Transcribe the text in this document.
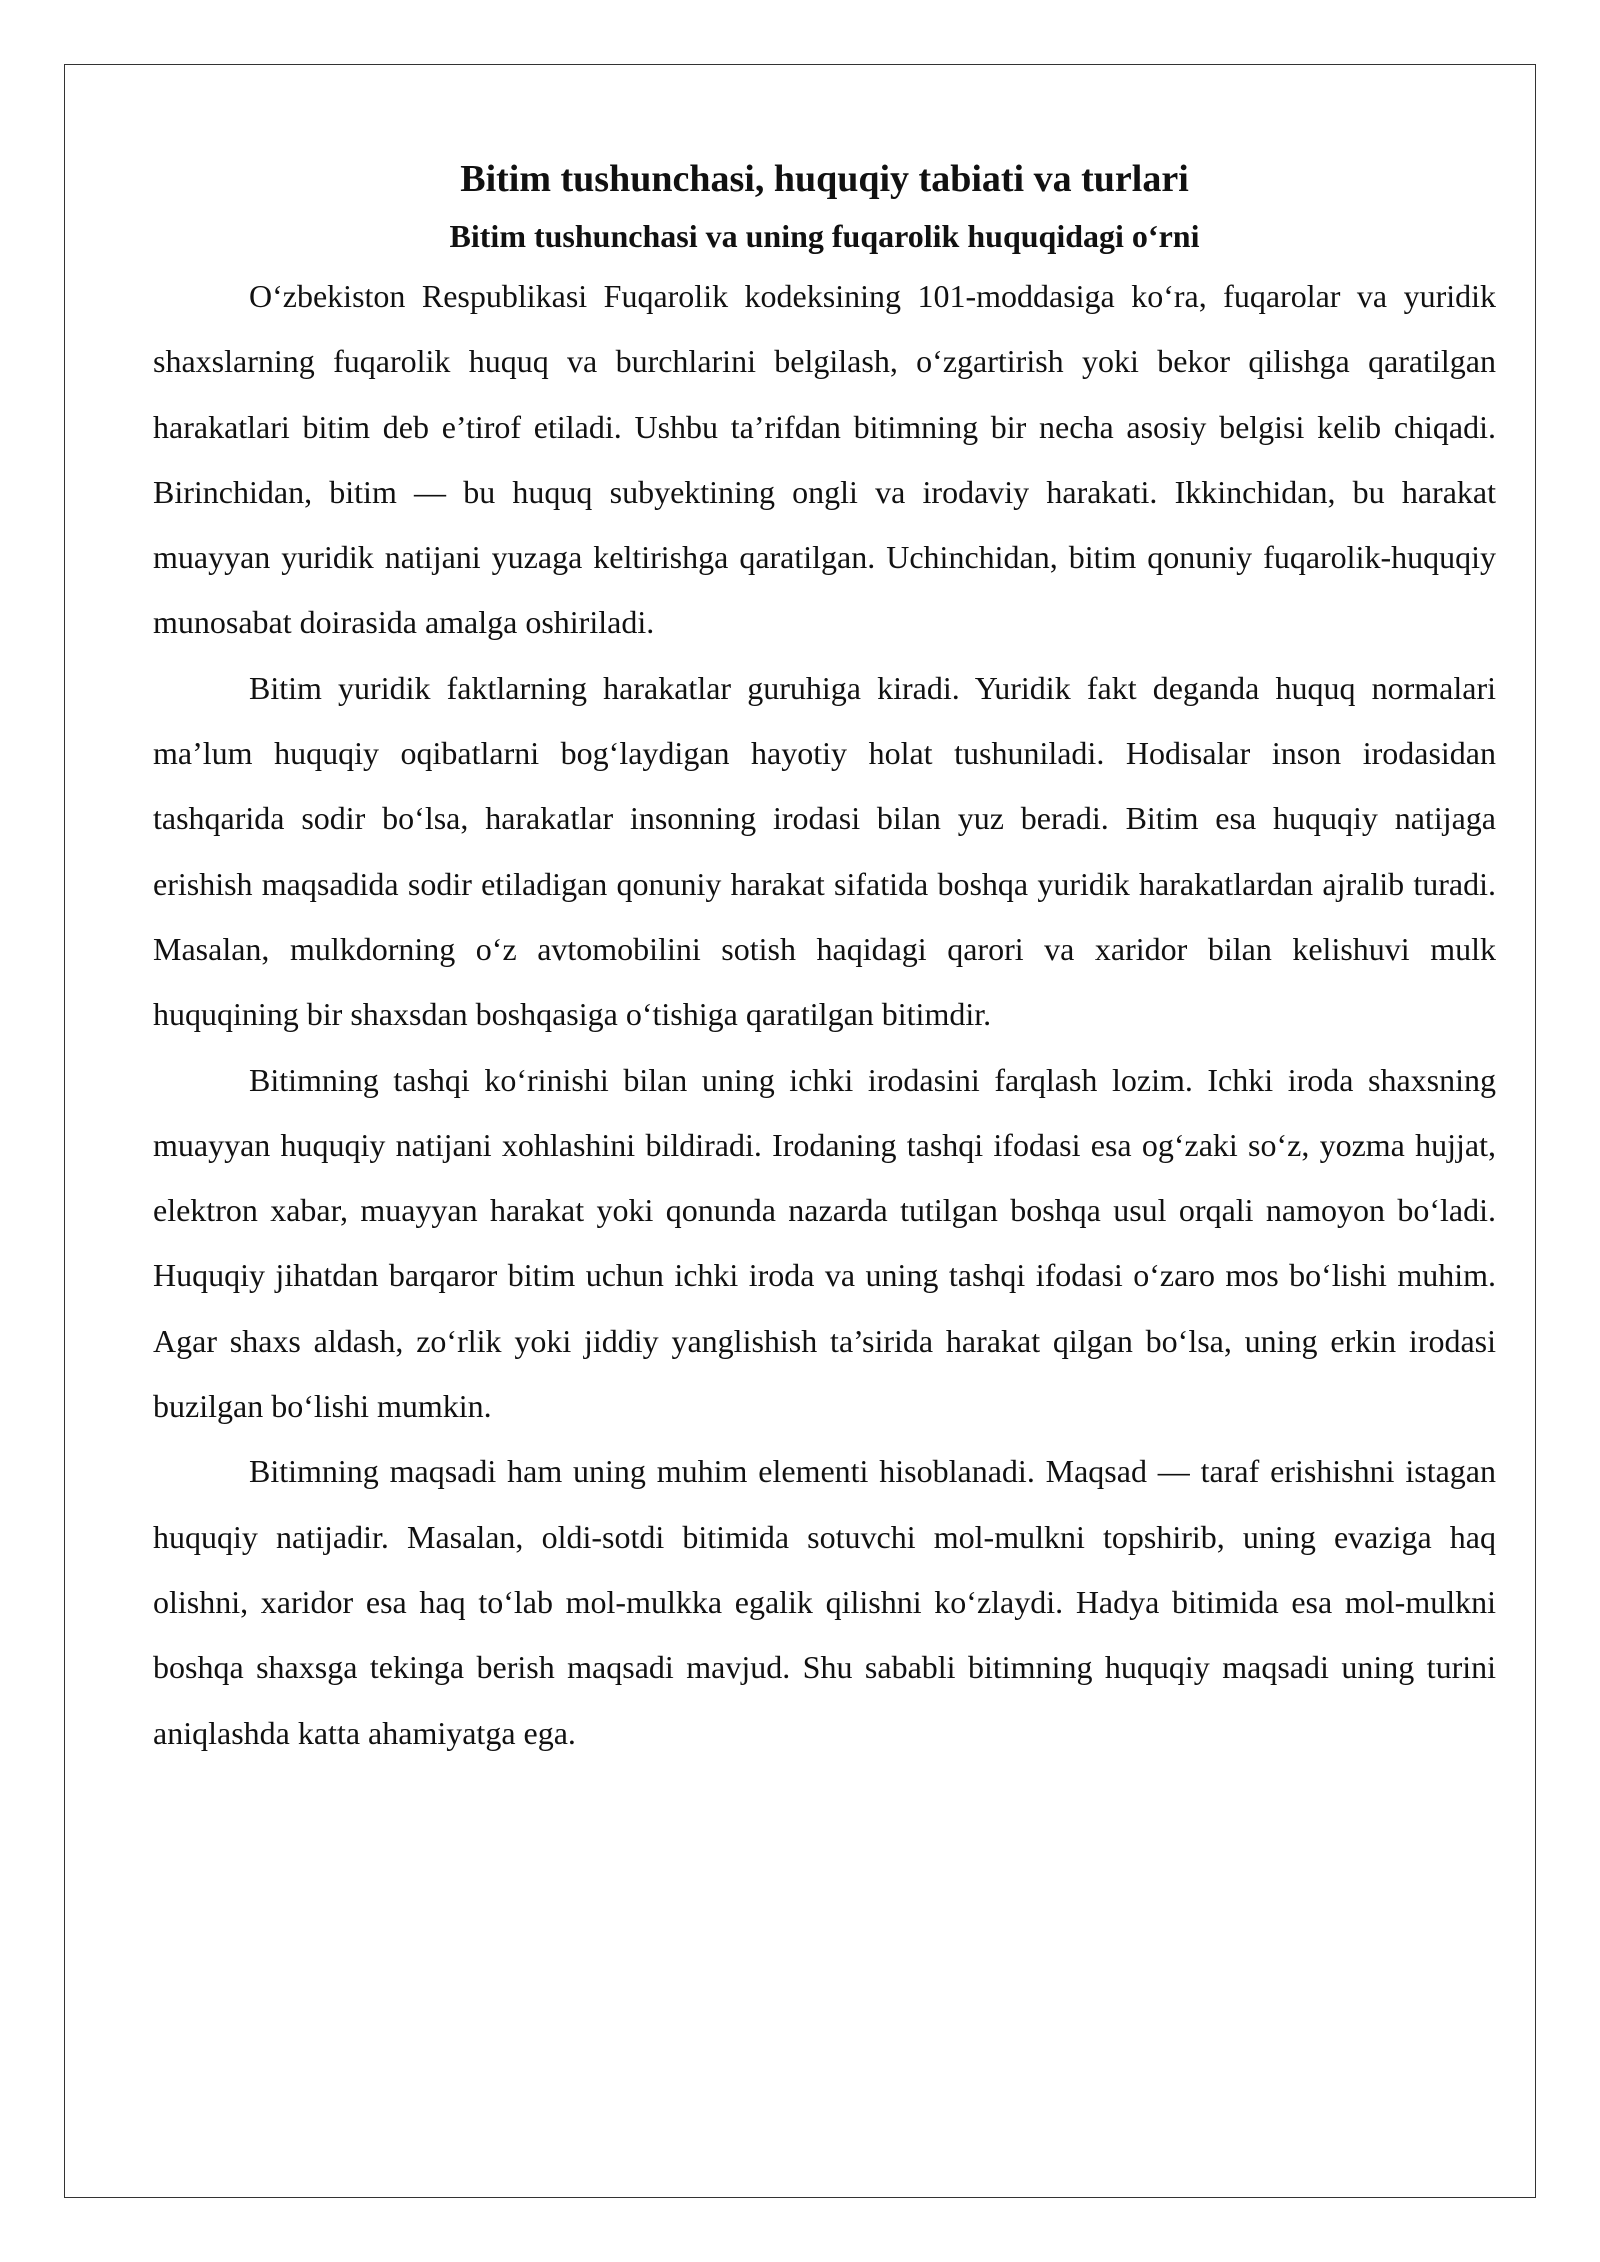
Bitim tushunchasi, huquqiy tabiati va turlari
Bitim tushunchasi va uning fuqarolik huquqidagi o‘rni

O‘zbekiston Respublikasi Fuqarolik kodeksining 101-moddasiga ko‘ra, fuqarolar va yuridik shaxslarning fuqarolik huquq va burchlarini belgilash, o‘zgartirish yoki bekor qilishga qaratilgan harakatlari bitim deb e’tirof etiladi. Ushbu ta’rifdan bitimning bir necha asosiy belgisi kelib chiqadi. Birinchidan, bitim — bu huquq subyektining ongli va irodaviy harakati. Ikkinchidan, bu harakat muayyan yuridik natijani yuzaga keltirishga qaratilgan. Uchinchidan, bitim qonuniy fuqarolik-huquqiy munosabat doirasida amalga oshiriladi.

Bitim yuridik faktlarning harakatlar guruhiga kiradi. Yuridik fakt deganda huquq normalari ma’lum huquqiy oqibatlarni bog‘laydigan hayotiy holat tushuniladi. Hodisalar inson irodasidan tashqarida sodir bo‘lsa, harakatlar insonning irodasi bilan yuz beradi. Bitim esa huquqiy natijaga erishish maqsadida sodir etiladigan qonuniy harakat sifatida boshqa yuridik harakatlardan ajralib turadi. Masalan, mulkdorning o‘z avtomobilini sotish haqidagi qarori va xaridor bilan kelishuvi mulk huquqining bir shaxsdan boshqasiga o‘tishiga qaratilgan bitimdir.

Bitimning tashqi ko‘rinishi bilan uning ichki irodasini farqlash lozim. Ichki iroda shaxsning muayyan huquqiy natijani xohlashini bildiradi. Irodaning tashqi ifodasi esa og‘zaki so‘z, yozma hujjat, elektron xabar, muayyan harakat yoki qonunda nazarda tutilgan boshqa usul orqali namoyon bo‘ladi. Huquqiy jihatdan barqaror bitim uchun ichki iroda va uning tashqi ifodasi o‘zaro mos bo‘lishi muhim. Agar shaxs aldash, zo‘rlik yoki jiddiy yanglishish ta’sirida harakat qilgan bo‘lsa, uning erkin irodasi buzilgan bo‘lishi mumkin.

Bitimning maqsadi ham uning muhim elementi hisoblanadi. Maqsad — taraf erishishni istagan huquqiy natijadir. Masalan, oldi-sotdi bitimida sotuvchi mol-mulkni topshirib, uning evaziga haq olishni, xaridor esa haq to‘lab mol-mulkka egalik qilishni ko‘zlaydi. Hadya bitimida esa mol-mulkni boshqa shaxsga tekinga berish maqsadi mavjud. Shu sababli bitimning huquqiy maqsadi uning turini aniqlashda katta ahamiyatga ega.
